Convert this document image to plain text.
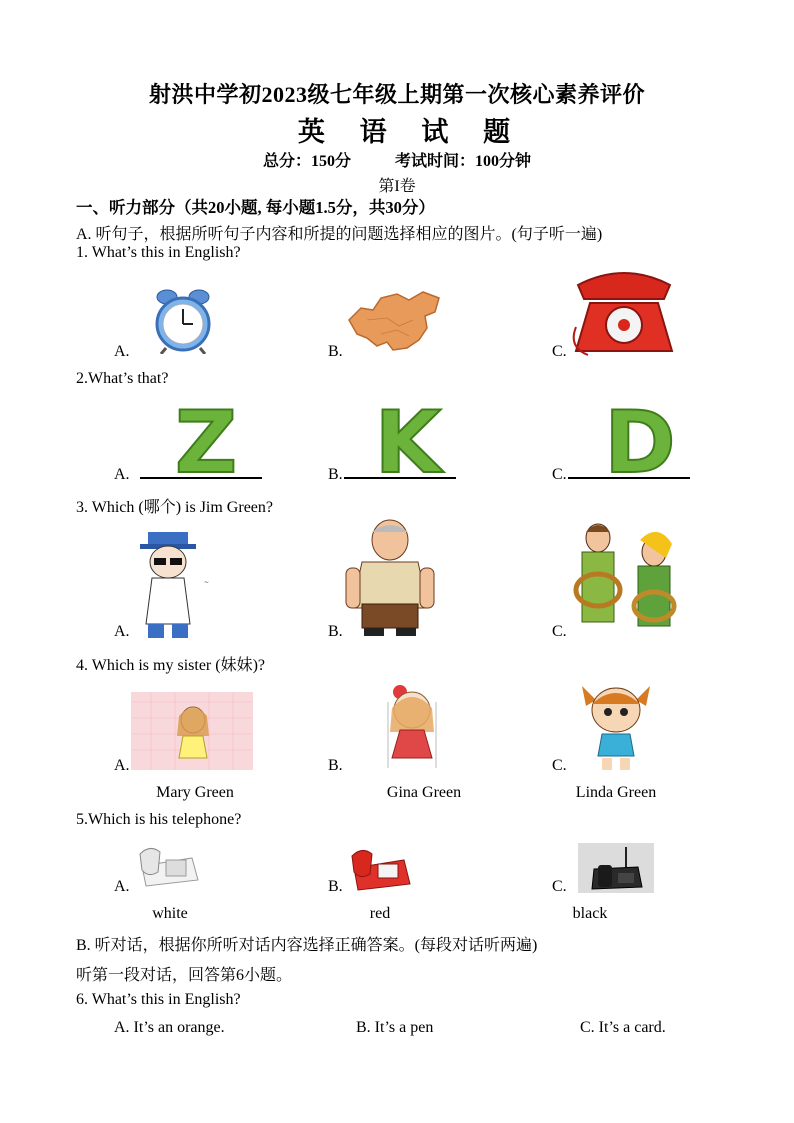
射洪中学初2023级七年级上期第一次核心素养评价
英 语 试 题
总分：150分	考试时间：100分钟
第I卷
一、听力部分（共20小题, 每小题1.5分，共30分）
A. 听句子，根据所听句子内容和所提的问题选择相应的图片。(句子听一遍)
1. What’s this in English?
A.	B.	C.
2.What’s that?
A. Z	B. K	C. D
3. Which (哪个) is Jim Green?
A.
~
B.	C.
4. Which is my sister (妹妹)?
A.	B.	C.
Mary Green	Gina Green	Linda Green
5.Which is his telephone?
A.	B.	C.
white	red	black
B. 听对话，根据你所听对话内容选择正确答案。(每段对话听两遍)
听第一段对话，回答第6小题。
6. What’s this in English?
A. It’s an orange.	B. It’s a pen	C. It’s a card.
